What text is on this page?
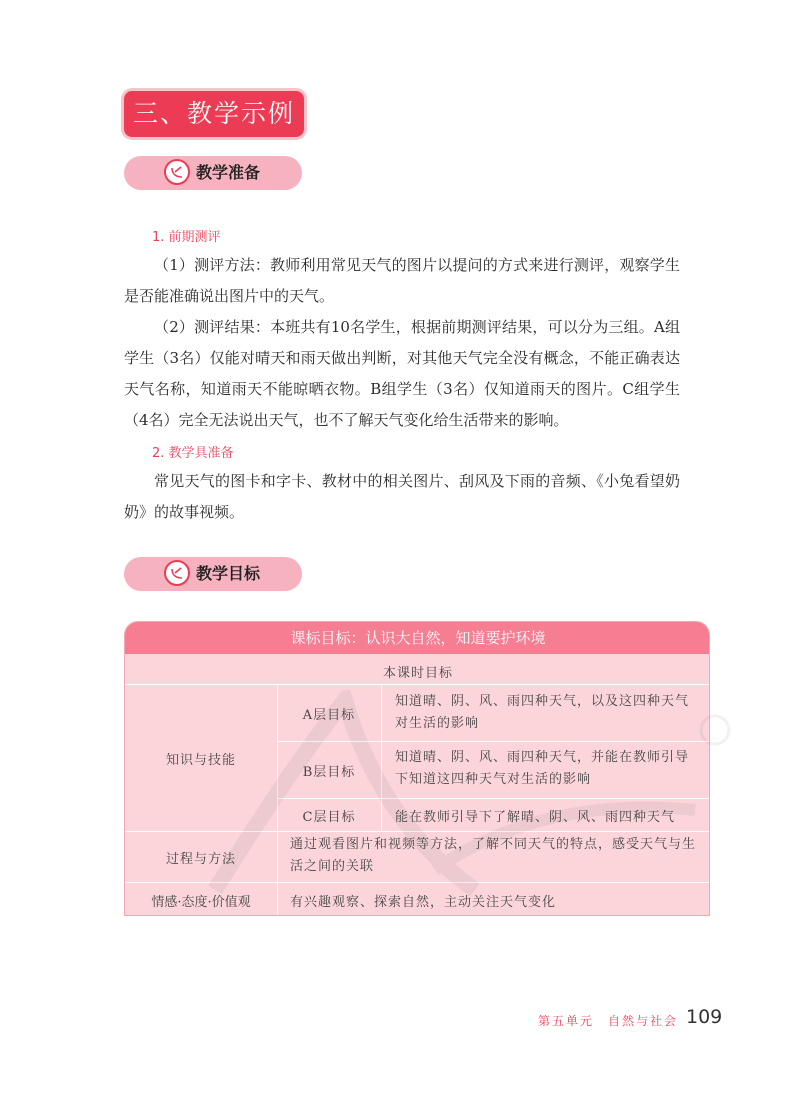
三、教学示例
教学准备
1. 前期测评

（1）测评方法：教师利用常见天气的图片以提问的方式来进行测评，观察学生是否能准确说出图片中的天气。

（2）测评结果：本班共有10名学生，根据前期测评结果，可以分为三组。A组学生（3名）仅能对晴天和雨天做出判断，对其他天气完全没有概念，不能正确表达天气名称，知道雨天不能晾晒衣物。B组学生（3名）仅知道雨天的图片。C组学生（4名）完全无法说出天气，也不了解天气变化给生活带来的影响。

2. 教学具准备

常见天气的图卡和字卡、教材中的相关图片、刮风及下雨的音频、《小兔看望奶奶》的故事视频。

教学目标
课标目标：认识大自然，知道要护环境
本课时目标
知识与技能
A层目标
知道晴、阴、风、雨四种天气，以及这四种天气对生活的影响
B层目标
知道晴、阴、风、雨四种天气，并能在教师引导下知道这四种天气对生活的影响
C层目标	能在教师引导下了解晴、阴、风、雨四种天气
过程与方法
通过观看图片和视频等方法，了解不同天气的特点，感受天气与生活之间的关联
情感·态度·价值观	有兴趣观察、探索自然，主动关注天气变化
第五单元　自然与社会 109
